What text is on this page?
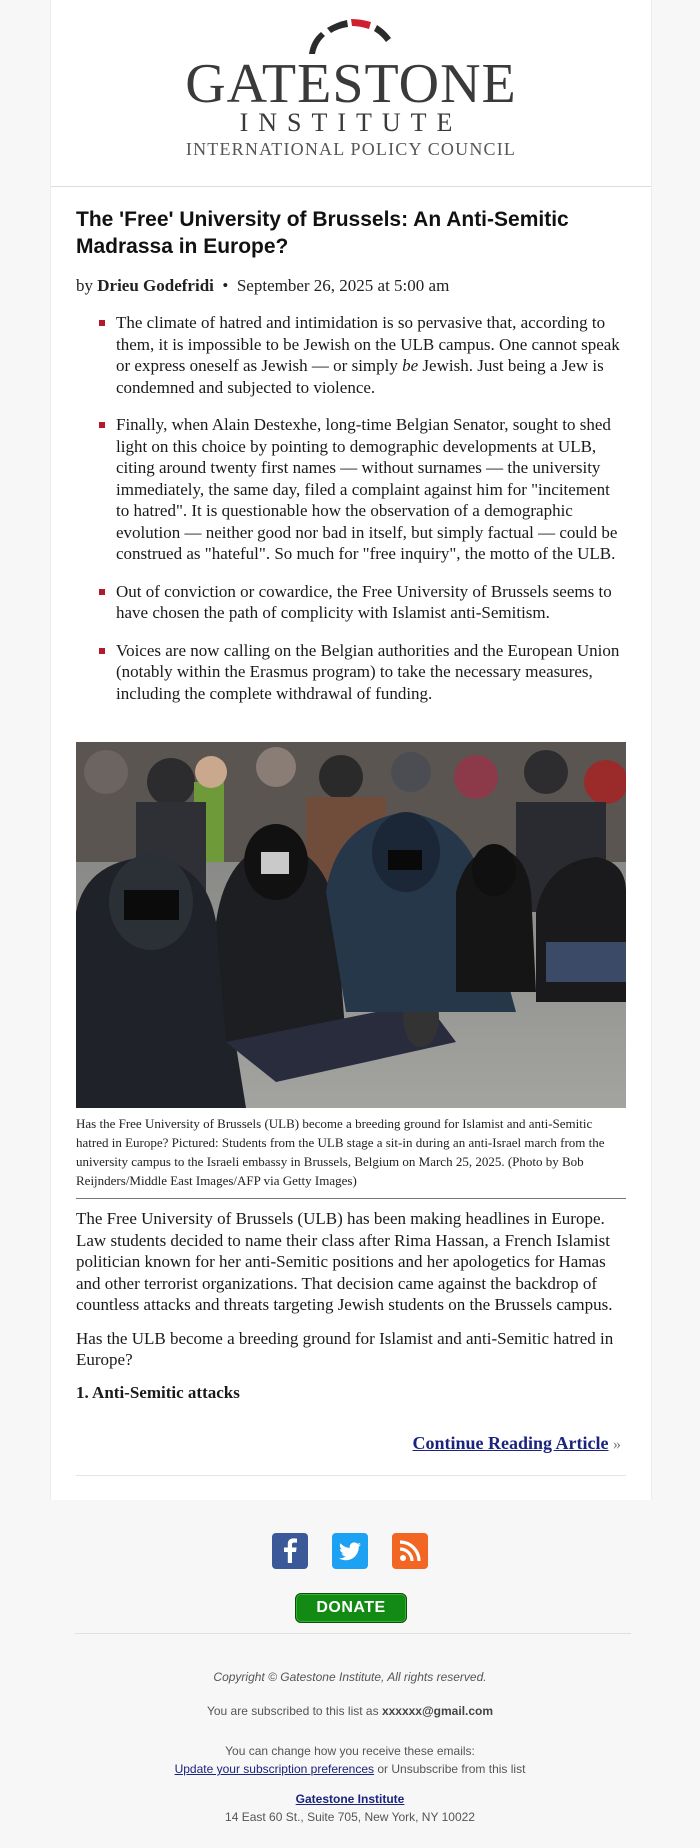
GATESTONE
INSTITUTE
INTERNATIONAL POLICY COUNCIL
The 'Free' University of Brussels: An Anti-Semitic Madrassa in Europe?
by Drieu Godefridi • September 26, 2025 at 5:00 am
The climate of hatred and intimidation is so pervasive that, according to them, it is impossible to be Jewish on the ULB campus. One cannot speak or express oneself as Jewish — or simply be Jewish. Just being a Jew is condemned and subjected to violence.
Finally, when Alain Destexhe, long-time Belgian Senator, sought to shed light on this choice by pointing to demographic developments at ULB, citing around twenty first names — without surnames — the university immediately, the same day, filed a complaint against him for "incitement to hatred". It is questionable how the observation of a demographic evolution — neither good nor bad in itself, but simply factual — could be construed as "hateful". So much for "free inquiry", the motto of the ULB.
Out of conviction or cowardice, the Free University of Brussels seems to have chosen the path of complicity with Islamist anti-Semitism.
Voices are now calling on the Belgian authorities and the European Union (notably within the Erasmus program) to take the necessary measures, including the complete withdrawal of funding.
Has the Free University of Brussels (ULB) become a breeding ground for Islamist and anti-Semitic hatred in Europe? Pictured: Students from the ULB stage a sit-in during an anti-Israel march from the university campus to the Israeli embassy in Brussels, Belgium on March 25, 2025. (Photo by Bob Reijnders/Middle East Images/AFP via Getty Images)

The Free University of Brussels (ULB) has been making headlines in Europe. Law students decided to name their class after Rima Hassan, a French Islamist politician known for her anti-Semitic positions and her apologetics for Hamas and other terrorist organizations. That decision came against the backdrop of countless attacks and threats targeting Jewish students on the Brussels campus.

Has the ULB become a breeding ground for Islamist and anti-Semitic hatred in Europe?

1. Anti-Semitic attacks
Continue Reading Article »

DONATE
Copyright © Gatestone Institute, All rights reserved.
You are subscribed to this list as xxxxxx@gmail.com
You can change how you receive these emails:
Update your subscription preferences or Unsubscribe from this list
Gatestone Institute
14 East 60 St., Suite 705, New York, NY 10022
